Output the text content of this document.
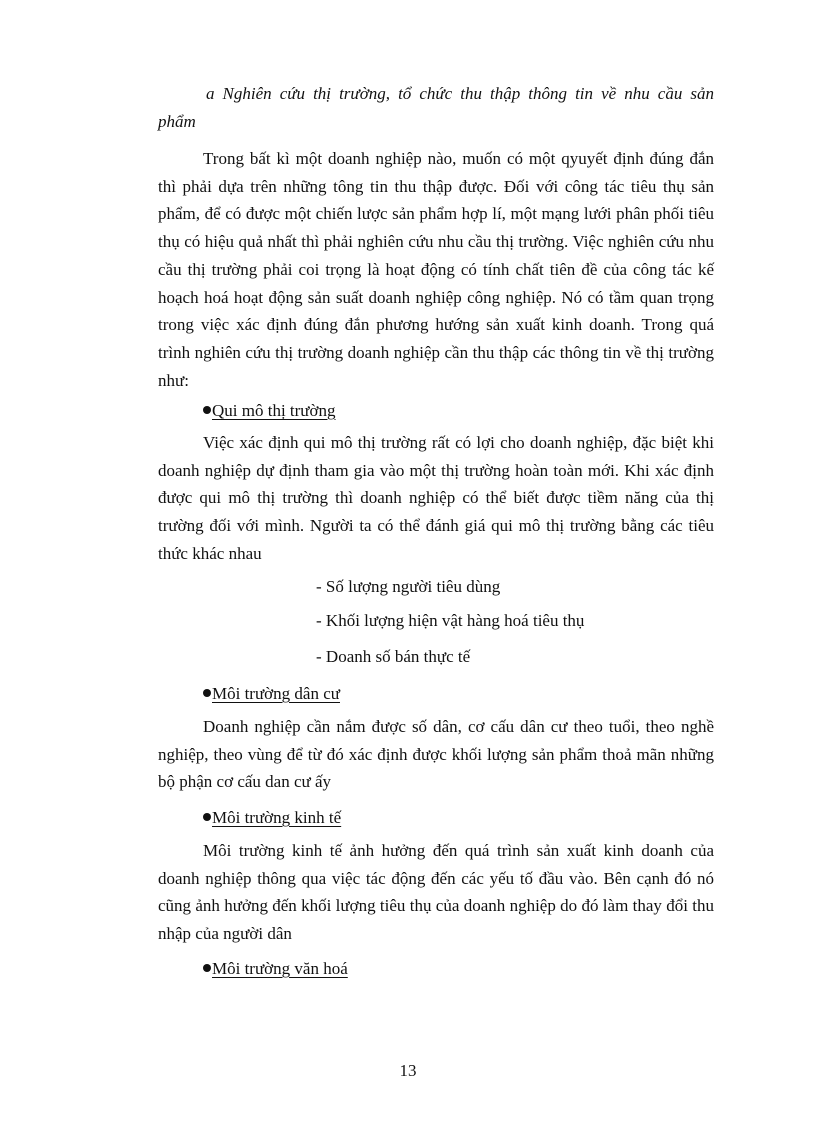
a Nghiên cứu thị trường, tổ chức thu thập thông tin về nhu cầu sản
phẩm

Trong bất kì một doanh nghiệp nào, muốn có một qyuyết định đúng đắn thì phải dựa trên những tông tin thu thập được. Đối với công tác tiêu thụ sản phẩm, để có được một chiến lược sản phẩm hợp lí, một mạng lưới phân phối tiêu thụ có hiệu quả nhất thì phải nghiên cứu nhu cầu thị trường. Việc nghiên cứu nhu cầu thị trường phải coi trọng là hoạt động có tính chất tiên đề của công tác kế hoạch hoá hoạt động sản suất doanh nghiệp công nghiệp. Nó có tầm quan trọng trong việc xác định đúng đắn phương hướng sản xuất kinh doanh. Trong quá trình nghiên cứu thị trường doanh nghiệp cần thu thập các thông tin về thị trường như:

Qui mô thị trường

Việc xác định qui mô thị trường rất có lợi cho doanh nghiệp, đặc biệt khi doanh nghiệp dự định tham gia vào một thị trường hoàn toàn mới. Khi xác định được qui mô thị trường thì doanh nghiệp có thể biết được tiềm năng của thị trường đối với mình. Người ta có thể đánh giá qui mô thị trường bằng các tiêu thức khác nhau

- Số lượng người tiêu dùng
- Khối lượng hiện vật hàng hoá tiêu thụ
- Doanh số bán thực tế
Môi trường dân cư

Doanh nghiệp cần nắm được số dân, cơ cấu dân cư theo tuổi, theo nghề nghiệp, theo vùng để từ đó xác định được khối lượng sản phẩm thoả mãn những bộ phận cơ cấu dan cư ấy

Môi trường kinh tế

Môi trường kinh tế ảnh hưởng đến quá trình sản xuất kinh doanh của doanh nghiệp thông qua việc tác động đến các yếu tố đầu vào. Bên cạnh đó nó cũng ảnh hưởng đến khối lượng tiêu thụ của doanh nghiệp do đó làm thay đổi thu nhập của người dân

Môi trường văn hoá
13
